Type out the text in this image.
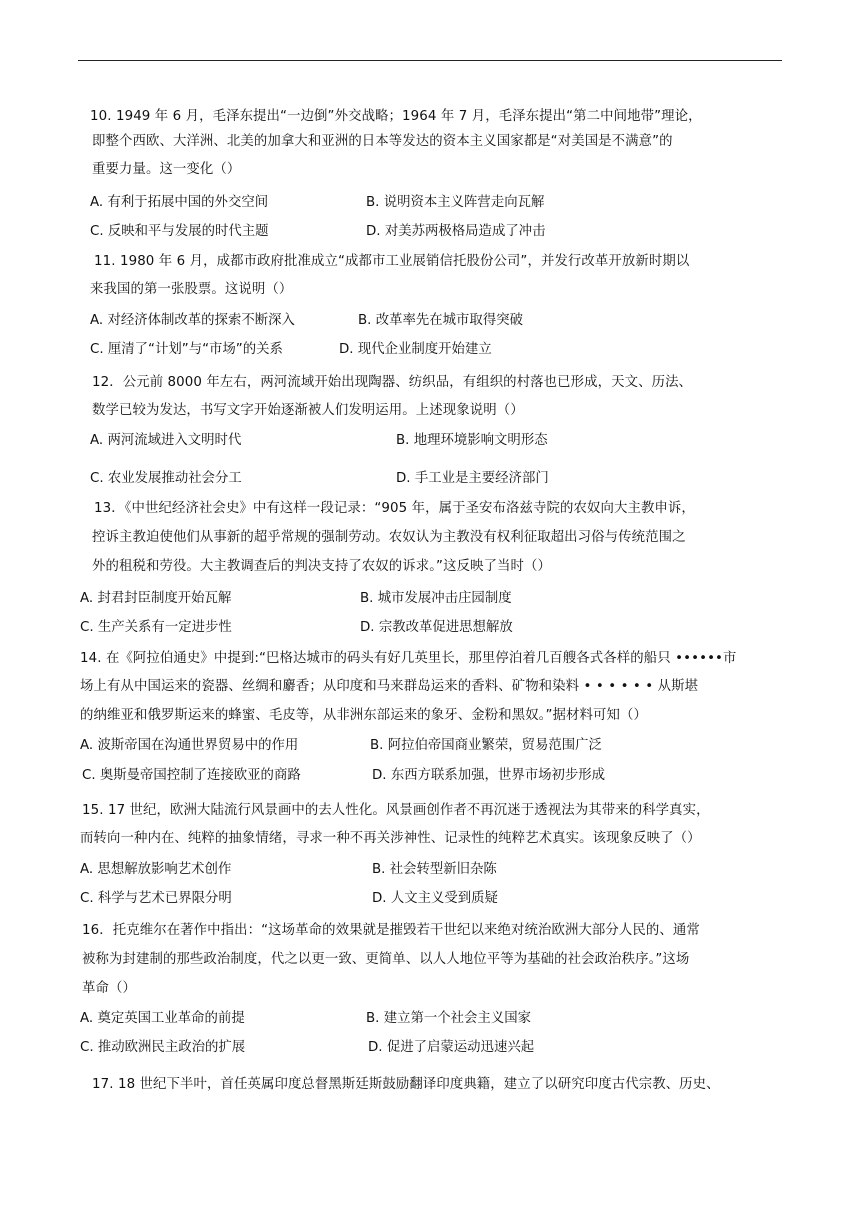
10. 1949 年 6 月，毛泽东提出“一边倒”外交战略；1964 年 7 月，毛泽东提出“第二中间地带”理论，
即整个西欧、大洋洲、北美的加拿大和亚洲的日本等发达的资本主义国家都是“对美国是不满意”的
重要力量。这一变化（）
A. 有利于拓展中国的外交空间	B. 说明资本主义阵营走向瓦解
C. 反映和平与发展的时代主题	D. 对美苏两极格局造成了冲击
11. 1980 年 6 月，成都市政府批准成立“成都市工业展销信托股份公司”，并发行改革开放新时期以
来我国的第一张股票。这说明（）
A. 对经济体制改革的探索不断深入	B. 改革率先在城市取得突破
C. 厘清了“计划”与“市场”的关系	D. 现代企业制度开始建立
12．公元前 8000 年左右，两河流域开始出现陶器、纺织品，有组织的村落也已形成，天文、历法、
数学已较为发达，书写文字开始逐渐被人们发明运用。上述现象说明（）
A. 两河流域进入文明时代	B. 地理环境影响文明形态
C. 农业发展推动社会分工	D. 手工业是主要经济部门
13．《中世纪经济社会史》中有这样一段记录：“905 年，属于圣安布洛兹寺院的农奴向大主教申诉，
控诉主教迫使他们从事新的超乎常规的强制劳动。农奴认为主教没有权利征取超出习俗与传统范围之
外的租税和劳役。大主教调查后的判决支持了农奴的诉求。”这反映了当时（）
A. 封君封臣制度开始瓦解	B. 城市发展冲击庄园制度
C. 生产关系有一定进步性	D. 宗教改革促进思想解放
14. 在《阿拉伯通史》中提到:“巴格达城市的码头有好几英里长，那里停泊着几百艘各式各样的船只 ••••••市
场上有从中国运来的瓷器、丝绸和麝香；从印度和马来群岛运来的香料、矿物和染料 • • • • • • 从斯堪
的纳维亚和俄罗斯运来的蜂蜜、毛皮等，从非洲东部运来的象牙、金粉和黑奴。”据材料可知（）
A. 波斯帝国在沟通世界贸易中的作用	B. 阿拉伯帝国商业繁荣，贸易范围广泛
C. 奥斯曼帝国控制了连接欧亚的商路	D. 东西方联系加强，世界市场初步形成
15. 17 世纪，欧洲大陆流行风景画中的去人性化。风景画创作者不再沉迷于透视法为其带来的科学真实，
而转向一种内在、纯粹的抽象情绪，寻求一种不再关涉神性、记录性的纯粹艺术真实。该现象反映了（）
A. 思想解放影响艺术创作	B. 社会转型新旧杂陈
C. 科学与艺术已界限分明	D. 人文主义受到质疑
16．托克维尔在著作中指出：“这场革命的效果就是摧毁若干世纪以来绝对统治欧洲大部分人民的、通常
被称为封建制的那些政治制度，代之以更一致、更简单、以人人地位平等为基础的社会政治秩序。”这场
革命（）
A. 奠定英国工业革命的前提	B. 建立第一个社会主义国家
C. 推动欧洲民主政治的扩展	D. 促进了启蒙运动迅速兴起
17. 18 世纪下半叶，首任英属印度总督黑斯廷斯鼓励翻译印度典籍，建立了以研究印度古代宗教、历史、
